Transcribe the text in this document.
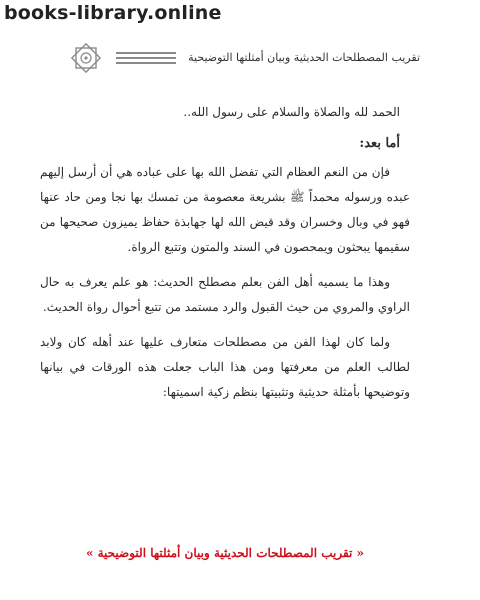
books-library.online
تقريب المصطلحات الحديثية وبيان أمثلتها التوضيحية

الحمد لله والصلاة والسلام على رسول الله..

أما بعد:

فإن من النعم العظام التي تفضل الله بها على عباده هي أن أرسل إليهم عبده ورسوله محمداً ﷺ بشريعة معصومة من تمسك بها نجا ومن حاد عنها فهو في وبال وخسران وقد قيض الله لها جهابذة حفاظ يميزون صحيحها من سقيمها يبحثون ويمحصون في السند والمتون وتتبع الرواة.

وهذا ما يسميه أهل الفن بعلم مصطلح الحديث: هو علم يعرف به حال الراوي والمروي من حيث القبول والرد مستمد من تتبع أحوال رواة الحديث.

ولما كان لهذا الفن من مصطلحات متعارف عليها عند أهله كان ولابد لطالب العلم من معرفتها ومن هذا الباب جعلت هذه الورقات في بيانها وتوضيحها بأمثلة حديثية وتثبيتها بنظم زكية اسميتها:

« تقريب المصطلحات الحديثية وبيان أمثلتها التوضيحية »
